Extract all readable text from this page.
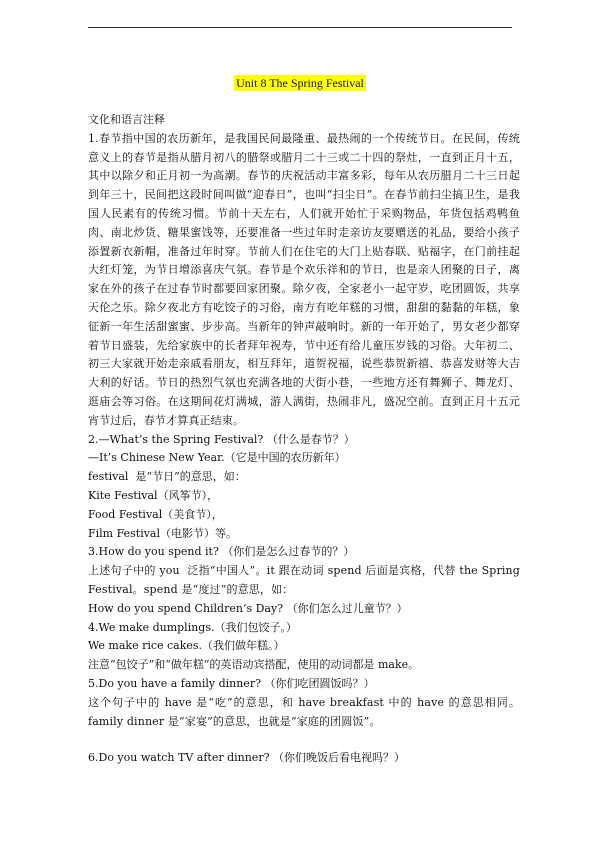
Unit 8 The Spring Festival

文化和语言注释

1.春节指中国的农历新年，是我国民间最隆重、最热闹的一个传统节日。在民间，传统意义上的春节是指从腊月初八的腊祭或腊月二十三或二十四的祭灶，一直到正月十五，其中以除夕和正月初一为高潮。春节的庆祝活动丰富多彩，每年从农历腊月二十三日起到年三十，民间把这段时间叫做“迎春日”，也叫“扫尘日”。在春节前扫尘搞卫生，是我国人民素有的传统习惯。节前十天左右，人们就开始忙于采购物品，年货包括鸡鸭鱼肉、南北炒货、糖果蜜饯等，还要准备一些过年时走亲访友要赠送的礼品，要给小孩子添置新衣新帽，准备过年时穿。节前人们在住宅的大门上贴春联、贴福字，在门前挂起大红灯笼，为节日增添喜庆气氛。春节是个欢乐祥和的节日，也是亲人团聚的日子，离家在外的孩子在过春节时都要回家团聚。除夕夜，全家老小一起守岁，吃团圆饭，共享天伦之乐。除夕夜北方有吃饺子的习俗，南方有吃年糕的习惯，甜甜的黏黏的年糕，象征新一年生活甜蜜蜜、步步高。当新年的钟声敲响时。新的一年开始了，男女老少都穿着节日盛装，先给家族中的长者拜年祝寿，节中还有给儿童压岁钱的习俗。大年初二、初三大家就开始走亲戚看朋友，相互拜年，道贺祝福，说些恭贺新禧、恭喜发财等大吉大利的好话。节日的热烈气氛也充满各地的大街小巷，一些地方还有舞狮子、舞龙灯、逛庙会等习俗。在这期间花灯满城，游人满街，热闹非凡，盛况空前。直到正月十五元宵节过后，春节才算真正结束。

2.—What’s the Spring Festival? （什么是春节？）

—It’s Chinese New Year.（它是中国的农历新年）

festival  是“节日”的意思，如：

Kite Festival（风筝节），

Food Festival（美食节），

Film Festival（电影节）等。

3.How do you spend it? （你们是怎么过春节的？）

上述句子中的 you  泛指“中国人”。it 跟在动词 spend 后面是宾格，代替 the Spring Festival。spend 是“度过”的意思，如：

How do you spend Children’s Day? （你们怎么过儿童节？）

4.We make dumplings.（我们包饺子。）

We make rice cakes.（我们做年糕。）

注意“包饺子”和“做年糕”的英语动宾搭配，使用的动词都是 make。

5.Do you have a family dinner? （你们吃团圆饭吗？）

这个句子中的 have 是“吃”的意思，和 have breakfast 中的 have 的意思相同。family dinner 是“家宴”的意思，也就是“家庭的团圆饭”。

6.Do you watch TV after dinner? （你们晚饭后看电视吗？）
